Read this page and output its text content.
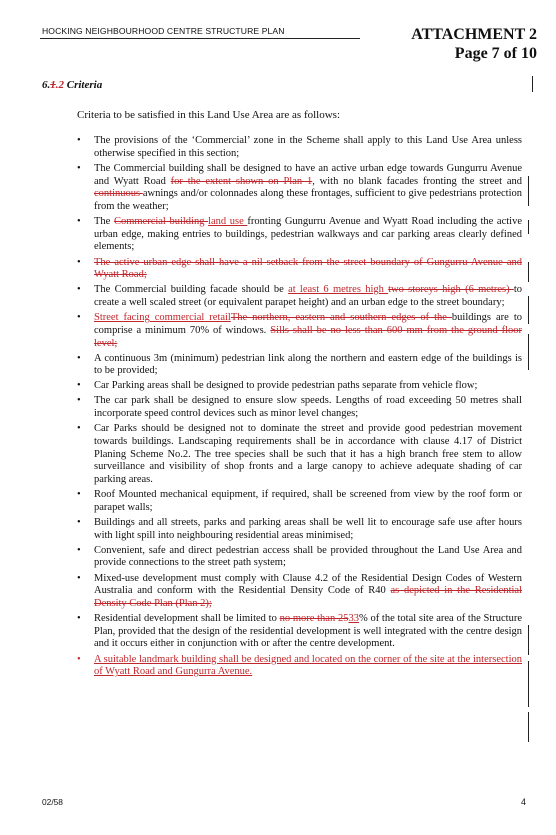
HOCKING NEIGHBOURHOOD CENTRE STRUCTURE PLAN	ATTACHMENT 2
Page 7 of 10
6.1.2 Criteria
Criteria to be satisfied in this Land Use Area are as follows:
• The provisions of the ‘Commercial’ zone in the Scheme shall apply to this Land Use Area unless otherwise specified in this section;
• The Commercial building shall be designed to have an active urban edge towards Gungurru Avenue and Wyatt Road for the extent shown on Plan 1, with no blank facades fronting the street and continuous awnings and/or colonnades along these frontages, sufficient to give pedestrians protection from the weather;
• The Commercial building land use fronting Gungurru Avenue and Wyatt Road including the active urban edge, making entries to buildings, pedestrian walkways and car parking areas clearly defined elements;
• The active urban edge shall have a nil setback from the street boundary of Gungurru Avenue and Wyatt Road;
• The Commercial building facade should be at least 6 metres high two storeys high (6 metres) to create a well scaled street (or equivalent parapet height) and an urban edge to the street boundary;
• Street facing commercial retailThe northern, eastern and southern edges of the buildings are to comprise a minimum 70% of windows. Sills shall be no less than 600 mm from the ground floor level;
• A continuous 3m (minimum) pedestrian link along the northern and eastern edge of the buildings is to be provided;
• Car Parking areas shall be designed to provide pedestrian paths separate from vehicle flow;
• The car park shall be designed to ensure slow speeds. Lengths of road exceeding 50 metres shall incorporate speed control devices such as minor level changes;
• Car Parks should be designed not to dominate the street and provide good pedestrian movement towards buildings. Landscaping requirements shall be in accordance with clause 4.17 of District Planing Scheme No.2. The tree species shall be such that it has a high branch free stem to allow surveillance and visibility of shop fronts and a large canopy to achieve adequate shading of car parking areas.
• Roof Mounted mechanical equipment, if required, shall be screened from view by the roof form or parapet walls;
• Buildings and all streets, parks and parking areas shall be well lit to encourage safe use after hours with light spill into neighbouring residential areas minimised;
• Convenient, safe and direct pedestrian access shall be provided throughout the Land Use Area and provide connections to the street path system;
• Mixed-use development must comply with Clause 4.2 of the Residential Design Codes of Western Australia and conform with the Residential Density Code of R40 as depicted in the Residential Density Code Plan (Plan 2);
• Residential development shall be limited to no more than 2533% of the total site area of the Structure Plan, provided that the design of the residential development is well integrated with the centre design and it occurs either in conjunction with or after the centre development.
• A suitable landmark building shall be designed and located on the corner of the site at the intersection of Wyatt Road and Gungurra Avenue.
02/58	4
